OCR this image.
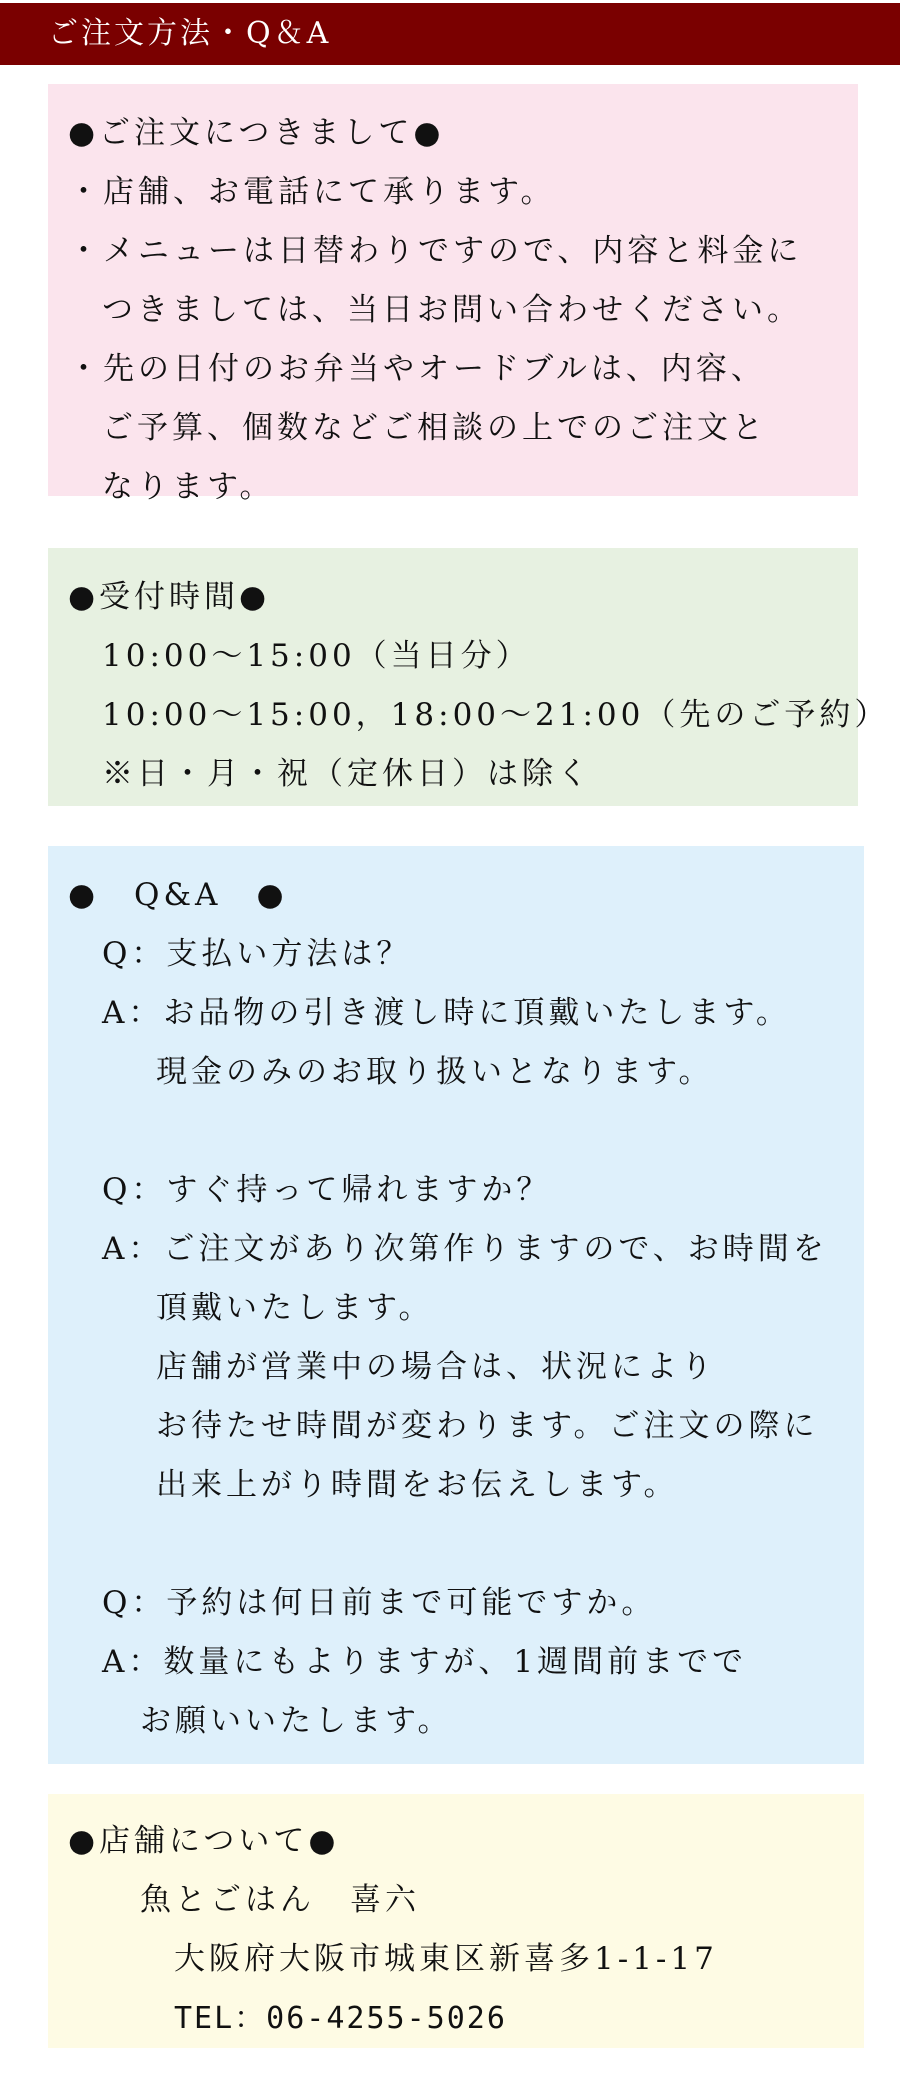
ご注文方法・Q＆A
●ご注文につきまして●
・店舗、お電話にて承ります。
・メニューは日替わりですので、内容と料金に
つきましては、当日お問い合わせください。
・先の日付のお弁当やオードブルは、内容、
ご予算、個数などご相談の上でのご注文と
なります。
●受付時間●
10:00～15:00（当日分）
10:00～15:00，18:00～21:00（先のご予約）
※日・月・祝（定休日）は除く
●　Q&A　●
Q：支払い方法は？
A：お品物の引き渡し時に頂戴いたします。
現金のみのお取り扱いとなります。
Q：すぐ持って帰れますか？
A：ご注文があり次第作りますので、お時間を
頂戴いたします。
店舗が営業中の場合は、状況により
お待たせ時間が変わります。ご注文の際に
出来上がり時間をお伝えします。
Q：予約は何日前まで可能ですか。
A：数量にもよりますが、1週間前までで
お願いいたします。
●店舗について●
魚とごはん　喜六
大阪府大阪市城東区新喜多1-1-17
TEL：06-4255-5026
